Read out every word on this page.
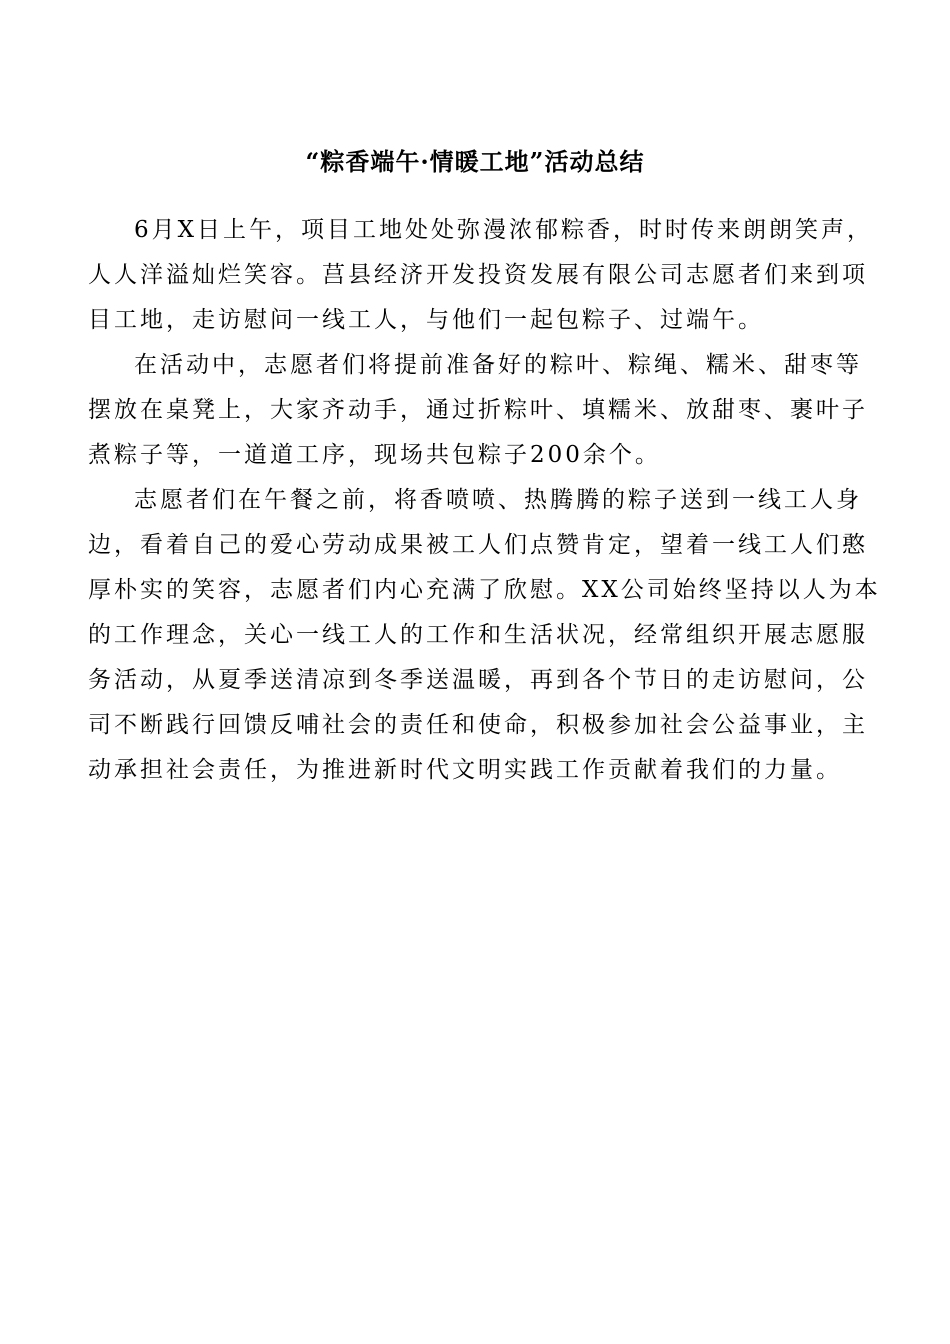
“粽香端午·情暖工地”活动总结

6月X日上午，项目工地处处弥漫浓郁粽香，时时传来朗朗笑声，
人人洋溢灿烂笑容。莒县经济开发投资发展有限公司志愿者们来到项
目工地，走访慰问一线工人，与他们一起包粽子、过端午。

在活动中，志愿者们将提前准备好的粽叶、粽绳、糯米、甜枣等
摆放在桌凳上，大家齐动手，通过折粽叶、填糯米、放甜枣、裹叶子
煮粽子等，一道道工序，现场共包粽子200余个。

志愿者们在午餐之前，将香喷喷、热腾腾的粽子送到一线工人身
边，看着自己的爱心劳动成果被工人们点赞肯定，望着一线工人们憨
厚朴实的笑容，志愿者们内心充满了欣慰。XX公司始终坚持以人为本
的工作理念，关心一线工人的工作和生活状况，经常组织开展志愿服
务活动，从夏季送清凉到冬季送温暖，再到各个节日的走访慰问，公
司不断践行回馈反哺社会的责任和使命，积极参加社会公益事业，主
动承担社会责任，为推进新时代文明实践工作贡献着我们的力量。
